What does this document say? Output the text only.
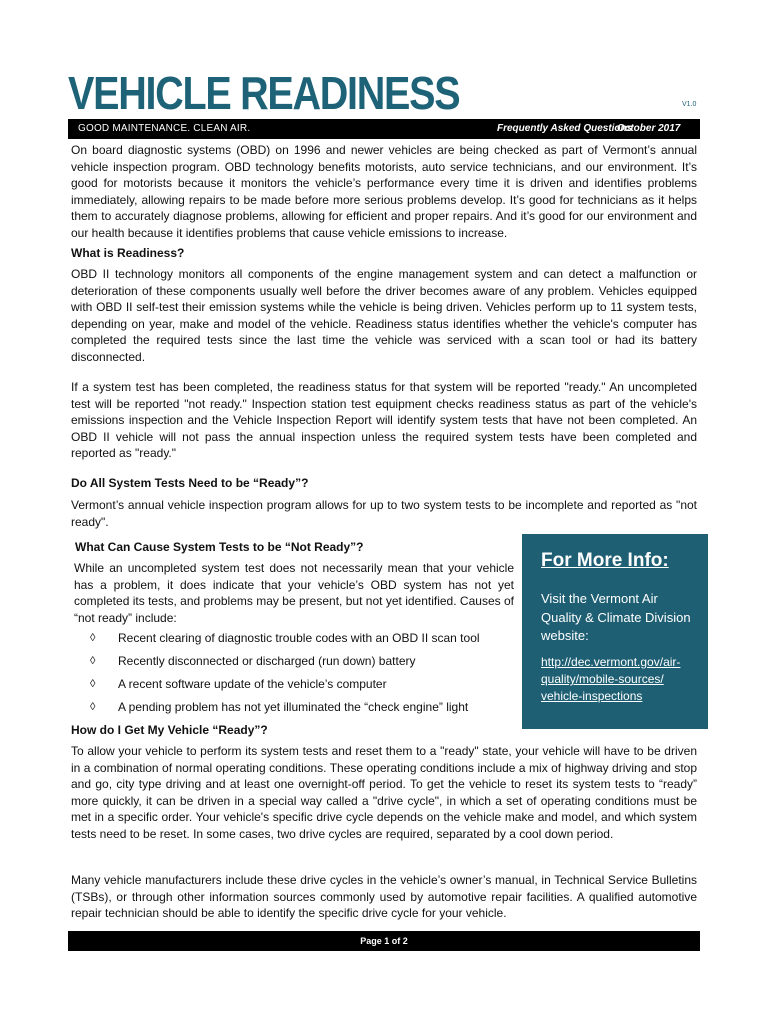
VEHICLE READINESS	V1.0
GOOD MAINTENANCE. CLEAN AIR.	Frequently Asked Questions
October 2017

On board diagnostic systems (OBD) on 1996 and newer vehicles are being checked as part of Vermont’s annual vehicle inspection program. OBD technology benefits motorists, auto service technicians, and our environment. It’s good for motorists because it monitors the vehicle’s performance every time it is driven and identifies problems immediately, allowing repairs to be made before more serious problems develop. It’s good for technicians as it helps them to accurately diagnose problems, allowing for efficient and proper repairs. And it’s good for our environment and our health because it identifies problems that cause vehicle emissions to increase.

What is Readiness?

OBD II technology monitors all components of the engine management system and can detect a malfunction or deterioration of these components usually well before the driver becomes aware of any problem. Vehicles equipped with OBD II self-test their emission systems while the vehicle is being driven. Vehicles perform up to 11 system tests, depending on year, make and model of the vehicle. Readiness status identifies whether the vehicle's computer has completed the required tests since the last time the vehicle was serviced with a scan tool or had its battery disconnected.

If a system test has been completed, the readiness status for that system will be reported "ready." An uncompleted test will be reported "not ready." Inspection station test equipment checks readiness status as part of the vehicle's emissions inspection and the Vehicle Inspection Report will identify system tests that have not been completed. An OBD II vehicle will not pass the annual inspection unless the required system tests have been completed and reported as "ready."

Do All System Tests Need to be “Ready”?

Vermont’s annual vehicle inspection program allows for up to two system tests to be incomplete and reported as "not ready".

What Can Cause System Tests to be “Not Ready”?

While an uncompleted system test does not necessarily mean that your vehicle has a problem, it does indicate that your vehicle’s OBD system has not yet completed its tests, and problems may be present, but not yet identified. Causes of “not ready” include:

◊ Recent clearing of diagnostic trouble codes with an OBD II scan tool
◊ Recently disconnected or discharged (run down) battery
◊ A recent software update of the vehicle’s computer
◊ A pending problem has not yet illuminated the “check engine” light
For More Info:

Visit the Vermont Air Quality & Climate Division website:

http://dec.vermont.gov/air-
quality/mobile-sources/
vehicle-inspections
How do I Get My Vehicle “Ready”?

To allow your vehicle to perform its system tests and reset them to a "ready" state, your vehicle will have to be driven in a combination of normal operating conditions. These operating conditions include a mix of highway driving and stop and go, city type driving and at least one overnight-off period. To get the vehicle to reset its system tests to “ready” more quickly, it can be driven in a special way called a "drive cycle", in which a set of operating conditions must be met in a specific order. Your vehicle's specific drive cycle depends on the vehicle make and model, and which system tests need to be reset. In some cases, two drive cycles are required, separated by a cool down period.

Many vehicle manufacturers include these drive cycles in the vehicle’s owner’s manual, in Technical Service Bulletins (TSBs), or through other information sources commonly used by automotive repair facilities. A qualified automotive repair technician should be able to identify the specific drive cycle for your vehicle.

Page 1 of 2
